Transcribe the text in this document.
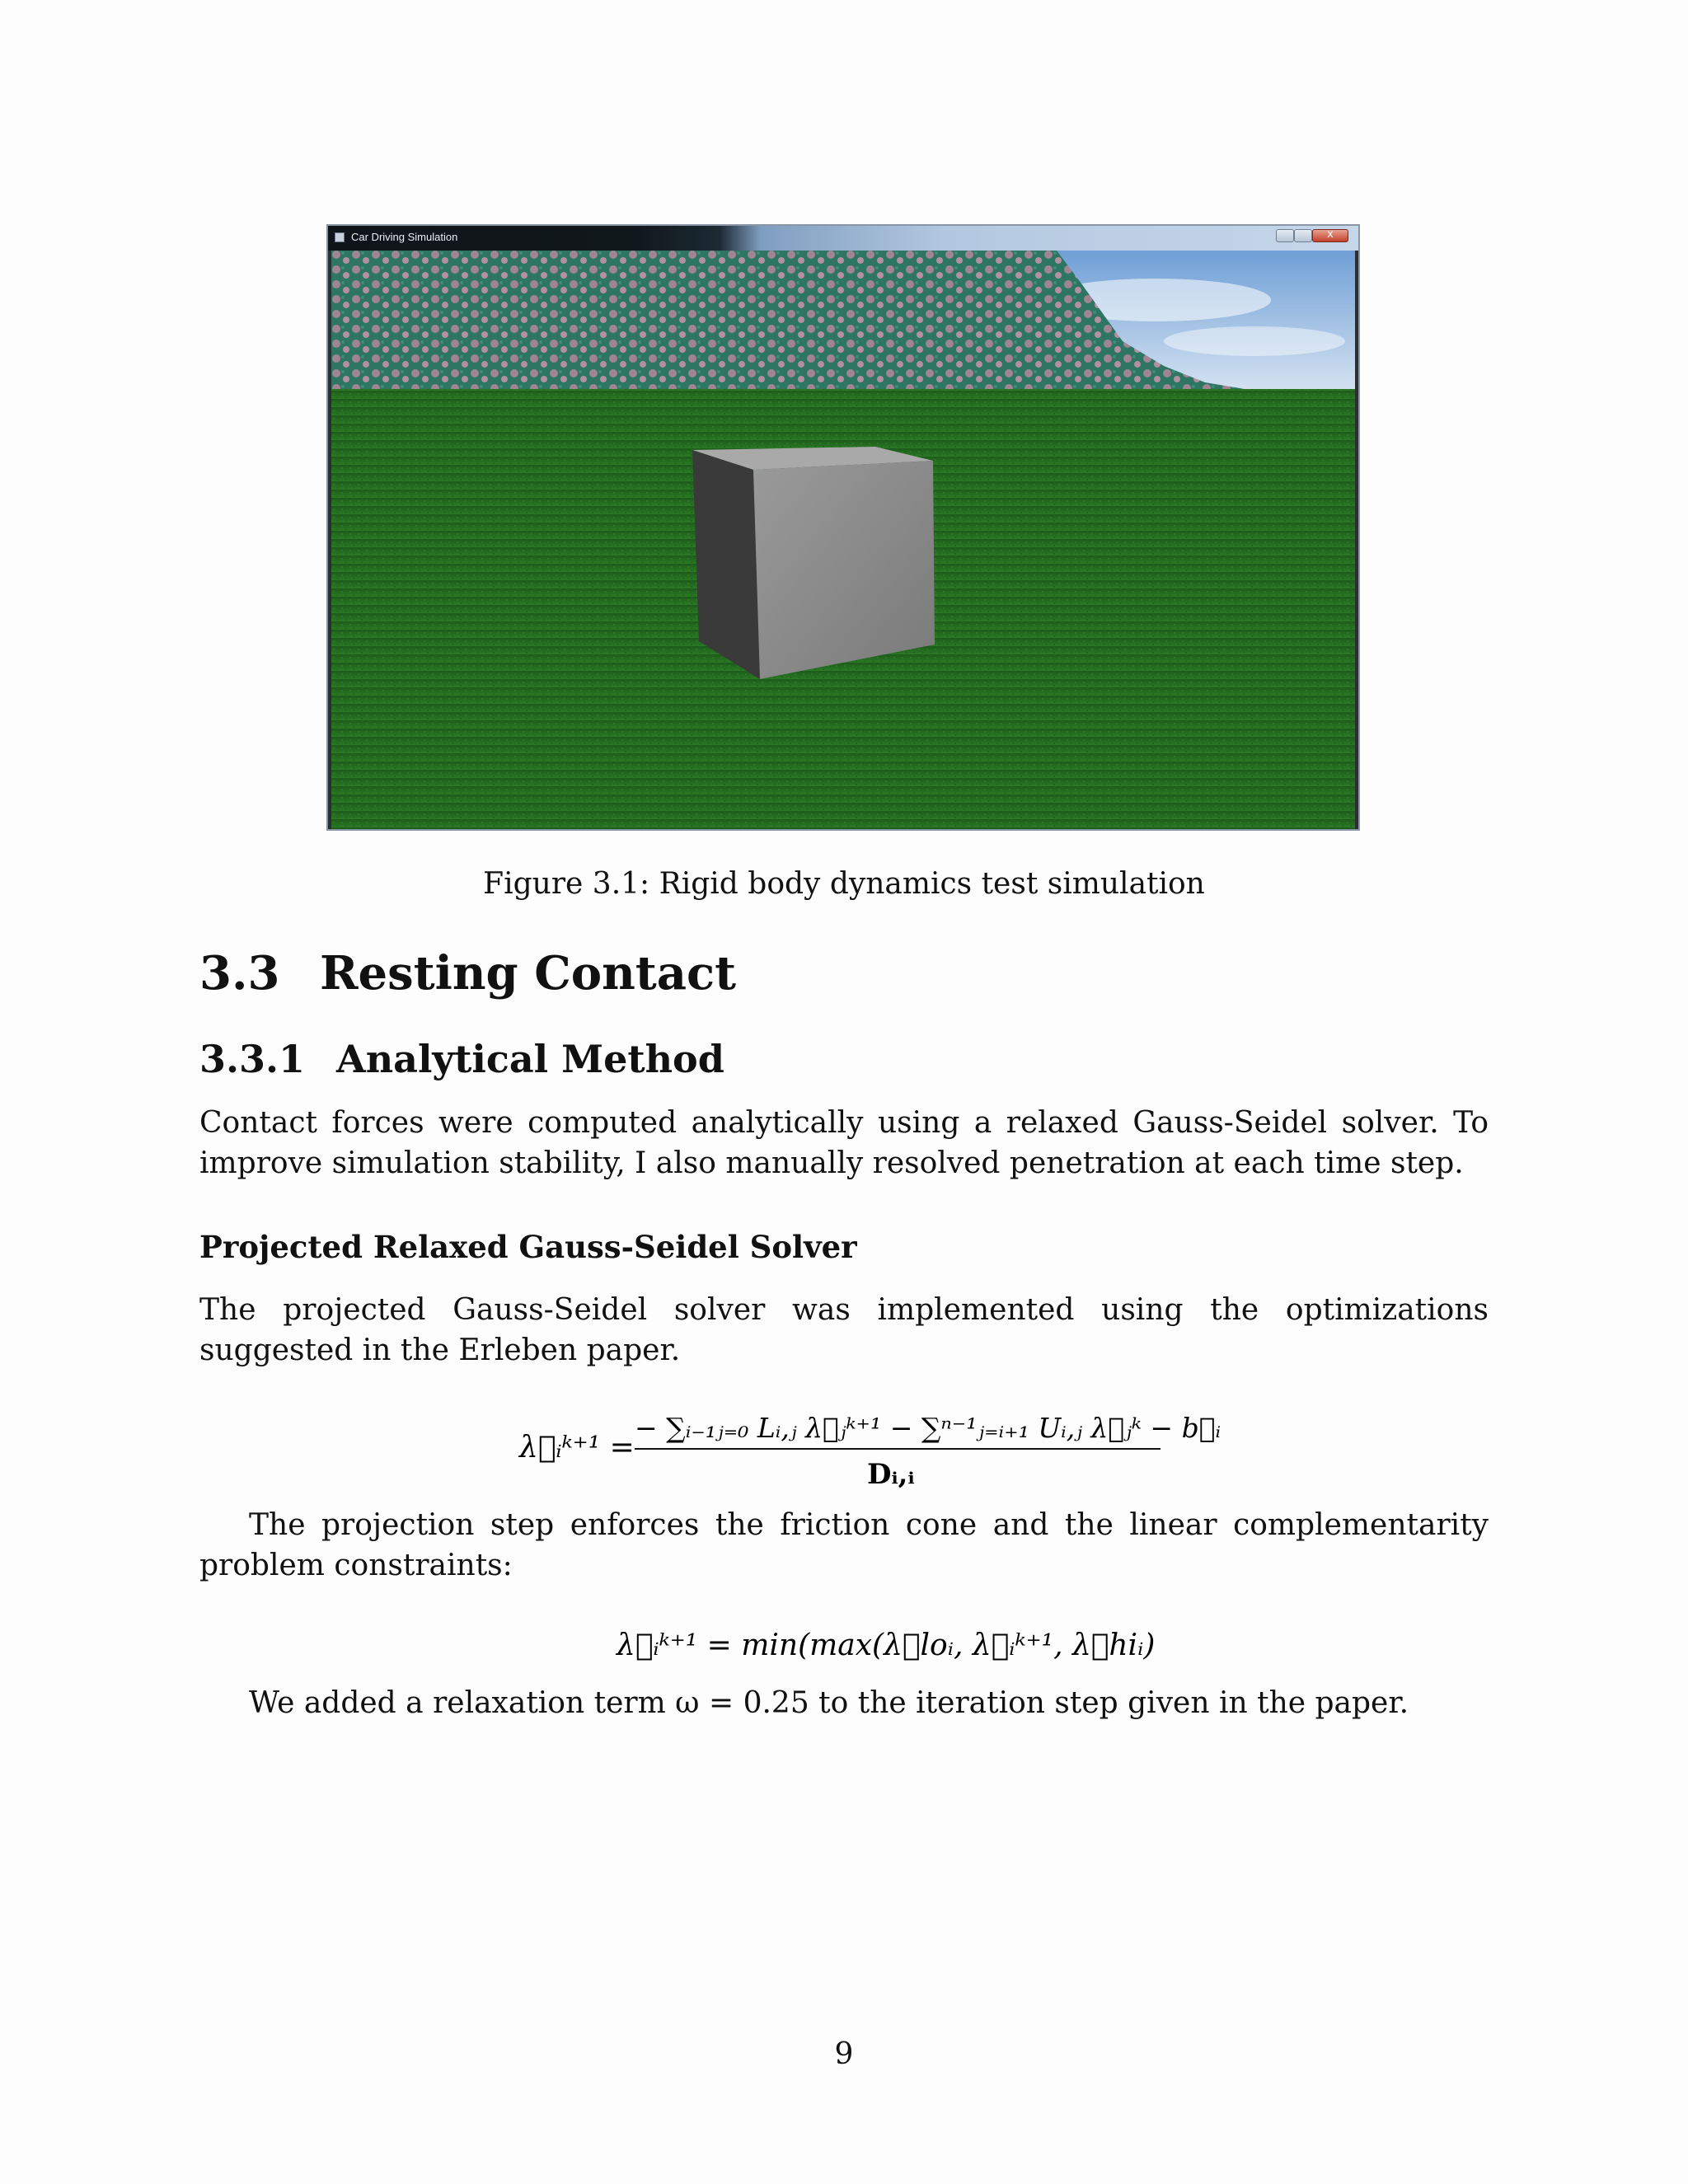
Car Driving Simulation	x
Figure 3.1: Rigid body dynamics test simulation
3.3 Resting Contact
3.3.1 Analytical Method
Contact forces were computed analytically using a relaxed Gauss-Seidel solver. To improve simulation stability, I also manually resolved penetration at each time step.
Projected Relaxed Gauss-Seidel Solver
The projected Gauss-Seidel solver was implemented using the optimizations suggested in the Erleben paper.
λ⃗ᵢᵏ⁺¹ =
− ∑ᵢ₋₁ⱼ₌₀ Lᵢ,ⱼ λ⃗ⱼᵏ⁺¹ − ∑ⁿ⁻¹ⱼ₌ᵢ₊₁ Uᵢ,ⱼ λ⃗ⱼᵏ − b⃗ᵢ
Dᵢ,ᵢ
The projection step enforces the friction cone and the linear complementarity problem constraints:
λ⃗ᵢᵏ⁺¹ = min(max(λ⃗loᵢ, λ⃗ᵢᵏ⁺¹, λ⃗hiᵢ)
We added a relaxation term ω = 0.25 to the iteration step given in the paper.
9
